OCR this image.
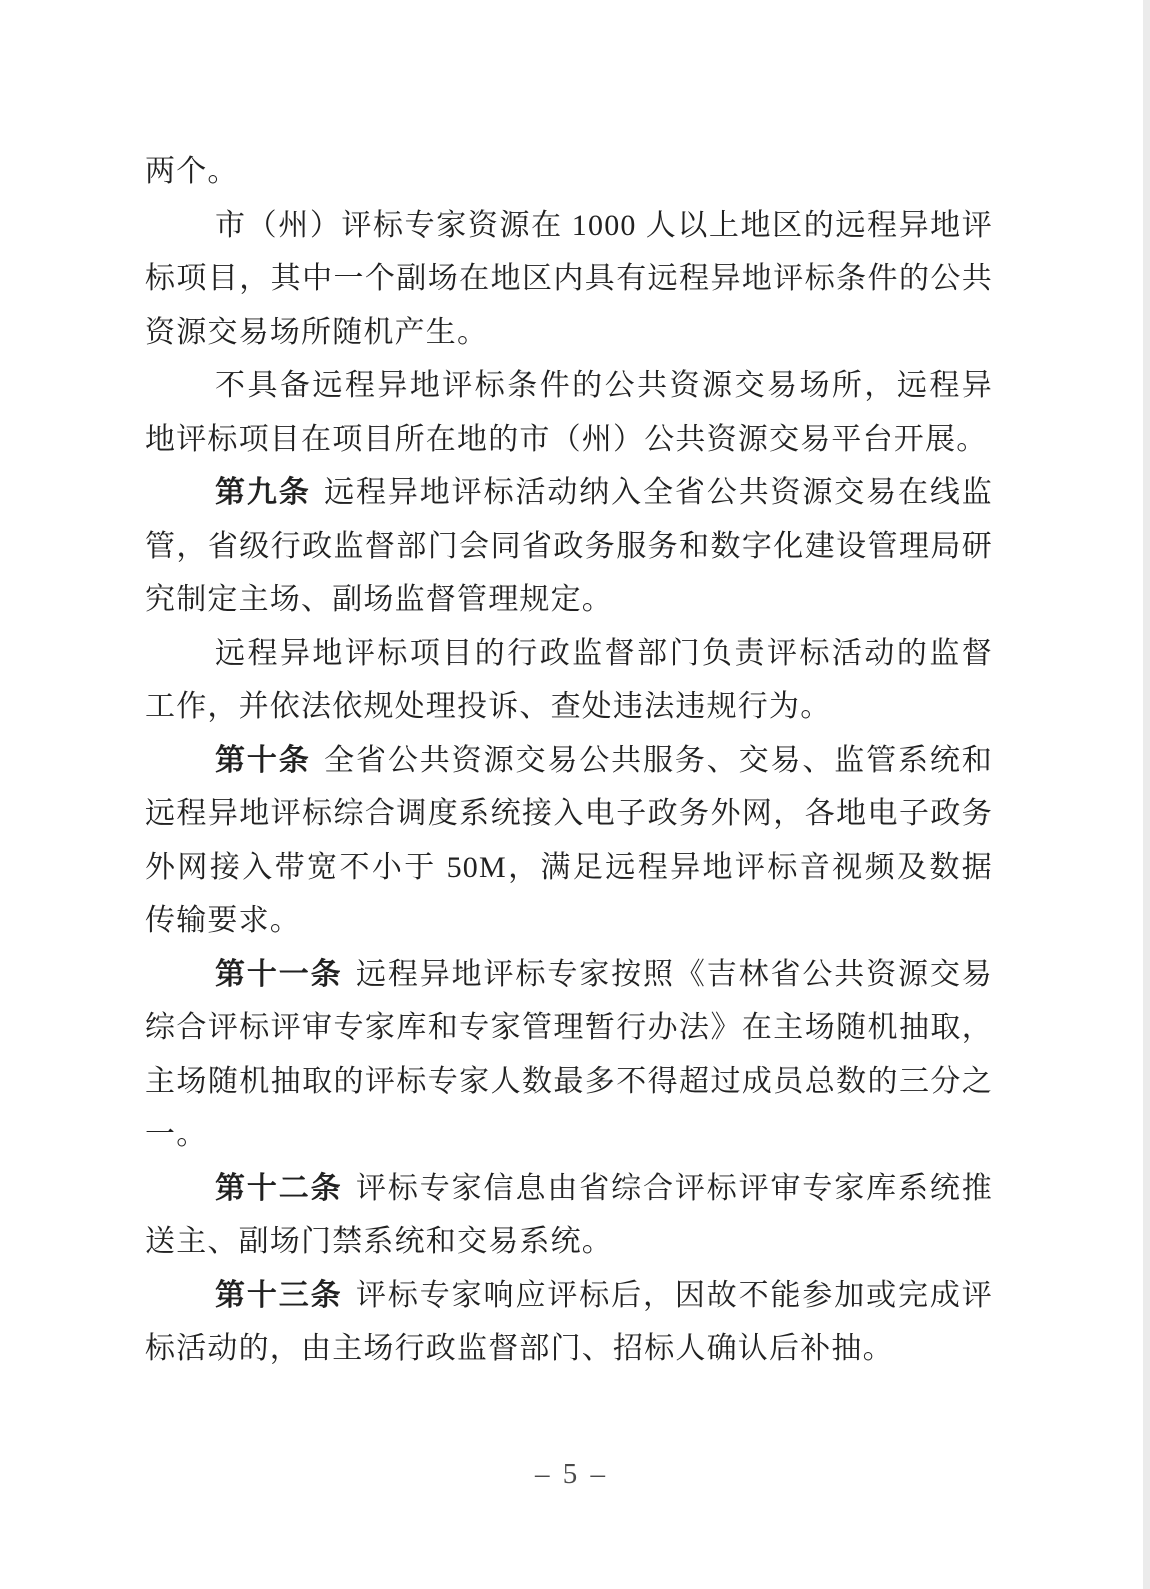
两个。

市（州）评标专家资源在 1000 人以上地区的远程异地评标项目，其中一个副场在地区内具有远程异地评标条件的公共资源交易场所随机产生。

不具备远程异地评标条件的公共资源交易场所，远程异地评标项目在项目所在地的市（州）公共资源交易平台开展。

第九条 远程异地评标活动纳入全省公共资源交易在线监管，省级行政监督部门会同省政务服务和数字化建设管理局研究制定主场、副场监督管理规定。

远程异地评标项目的行政监督部门负责评标活动的监督工作，并依法依规处理投诉、查处违法违规行为。

第十条 全省公共资源交易公共服务、交易、监管系统和远程异地评标综合调度系统接入电子政务外网，各地电子政务外网接入带宽不小于 50M，满足远程异地评标音视频及数据传输要求。

第十一条 远程异地评标专家按照《吉林省公共资源交易综合评标评审专家库和专家管理暂行办法》在主场随机抽取，主场随机抽取的评标专家人数最多不得超过成员总数的三分之一。

第十二条 评标专家信息由省综合评标评审专家库系统推送主、副场门禁系统和交易系统。

第十三条 评标专家响应评标后，因故不能参加或完成评标活动的，由主场行政监督部门、招标人确认后补抽。

– 5 –
